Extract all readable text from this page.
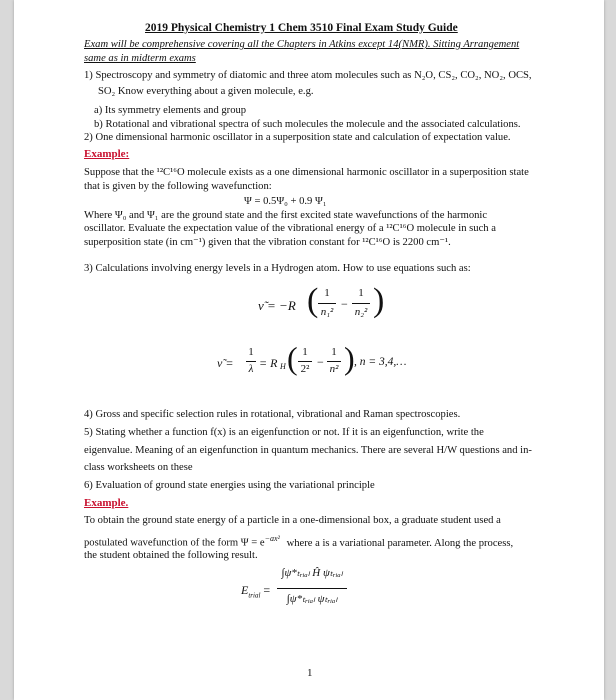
2019 Physical Chemistry 1 Chem 3510 Final Exam Study Guide
Exam will be comprehensive covering all the Chapters in Atkins except 14(NMR). Sitting Arrangement
same as in midterm exams
1) Spectroscopy and symmetry of diatomic and three atom molecules such as N₂O, CS₂, CO₂, NO₂, OCS,
SO₂ Know everything about a given molecule, e.g.
a) Its symmetry elements and group
b) Rotational and vibrational spectra of such molecules the molecule and the associated calculations.
2) One dimensional harmonic oscillator in a superposition state and calculation of expectation value.
Example:
Suppose that the ¹²C¹⁶O molecule exists as a one dimensional harmonic oscillator in a superposition state
that is given by the following wavefunction:
Ψ = 0.5Ψ₀ + 0.9 Ψ₁
Where Ψ₀ and Ψ₁ are the ground state and the first excited state wavefunctions of the harmonic
oscillator. Evaluate the expectation value of the vibrational energy of a ¹²C¹⁶O molecule in such a
superposition state (in cm⁻¹) given that the vibration constant for ¹²C¹⁶O is 2200 cm⁻¹.
3) Calculations involving energy levels in a Hydrogen atom. How to use equations such as:
ν̃ = −R ( 1
n₁²
−
1
n₂² )
ν̃ =
1
λ = R H ( 1
2² −
1
n² ) , n = 3,4,…
4) Gross and specific selection rules in rotational, vibrational and Raman spectroscopies.
5) Stating whether a function f(x) is an eigenfunction or not. If it is an eigenfunction, write the
eigenvalue. Meaning of an eigenfunction in quantum mechanics. There are several H/W questions and in-
class worksheets on these
6) Evaluation of ground state energies using the variational principle
Example.
To obtain the ground state energy of a particle in a one-dimensional box, a graduate student used a
postulated wavefunction of the form $\Psi = e^{-ax^2}$ where a is a variational parameter. Along the process,
the student obtained the following result.
$E_{trial}$ =
∫ψ*ₜᵣᵢₐₗ Ĥ ψₜᵣᵢₐₗ
∫ψ*ₜᵣᵢₐₗ ψₜᵣᵢₐₗ
1
